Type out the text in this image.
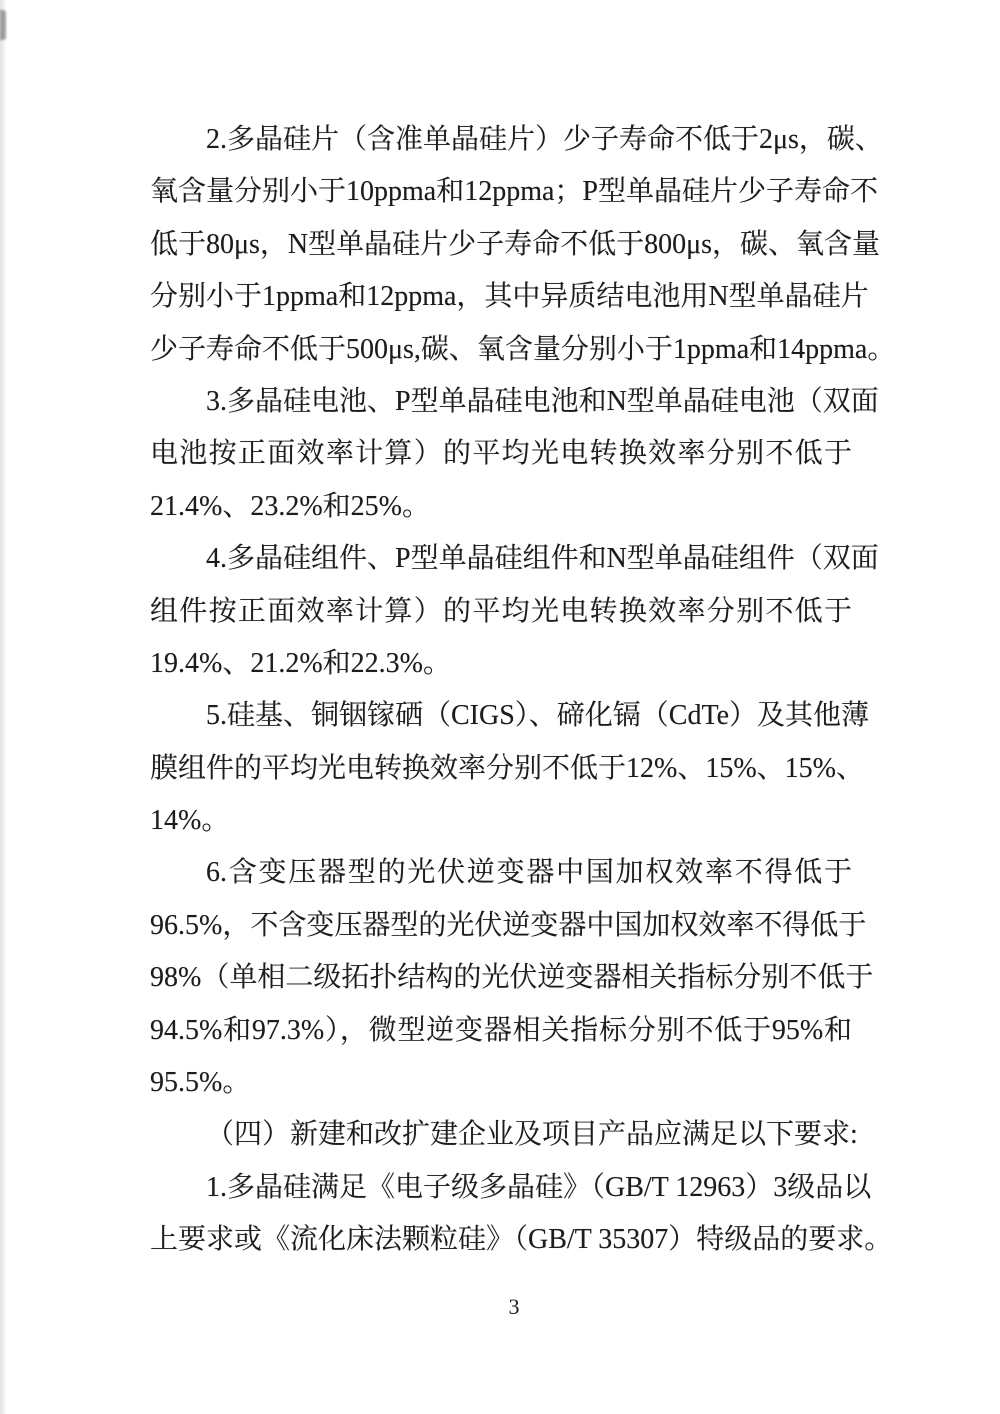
2.多晶硅片（含准单晶硅片）少子寿命不低于2μs，碳、
氧含量分别小于10ppma和12ppma；P型单晶硅片少子寿命不
低于80μs，N型单晶硅片少子寿命不低于800μs，碳、氧含量
分别小于1ppma和12ppma，其中异质结电池用N型单晶硅片
少子寿命不低于500μs,碳、氧含量分别小于1ppma和14ppma。

3.多晶硅电池、P型单晶硅电池和N型单晶硅电池（双面
电池按正面效率计算）的平均光电转换效率分别不低于
21.4%、23.2%和25%。

4.多晶硅组件、P型单晶硅组件和N型单晶硅组件（双面
组件按正面效率计算）的平均光电转换效率分别不低于
19.4%、21.2%和22.3%。

5.硅基、铜铟镓硒（CIGS）、碲化镉（CdTe）及其他薄
膜组件的平均光电转换效率分别不低于12%、15%、15%、
14%。

6.含变压器型的光伏逆变器中国加权效率不得低于
96.5%，不含变压器型的光伏逆变器中国加权效率不得低于
98%（单相二级拓扑结构的光伏逆变器相关指标分别不低于
94.5%和97.3%），微型逆变器相关指标分别不低于95%和
95.5%。

（四）新建和改扩建企业及项目产品应满足以下要求:

1.多晶硅满足《电子级多晶硅》（GB/T 12963）3级品以
上要求或《流化床法颗粒硅》（GB/T 35307）特级品的要求。

3
